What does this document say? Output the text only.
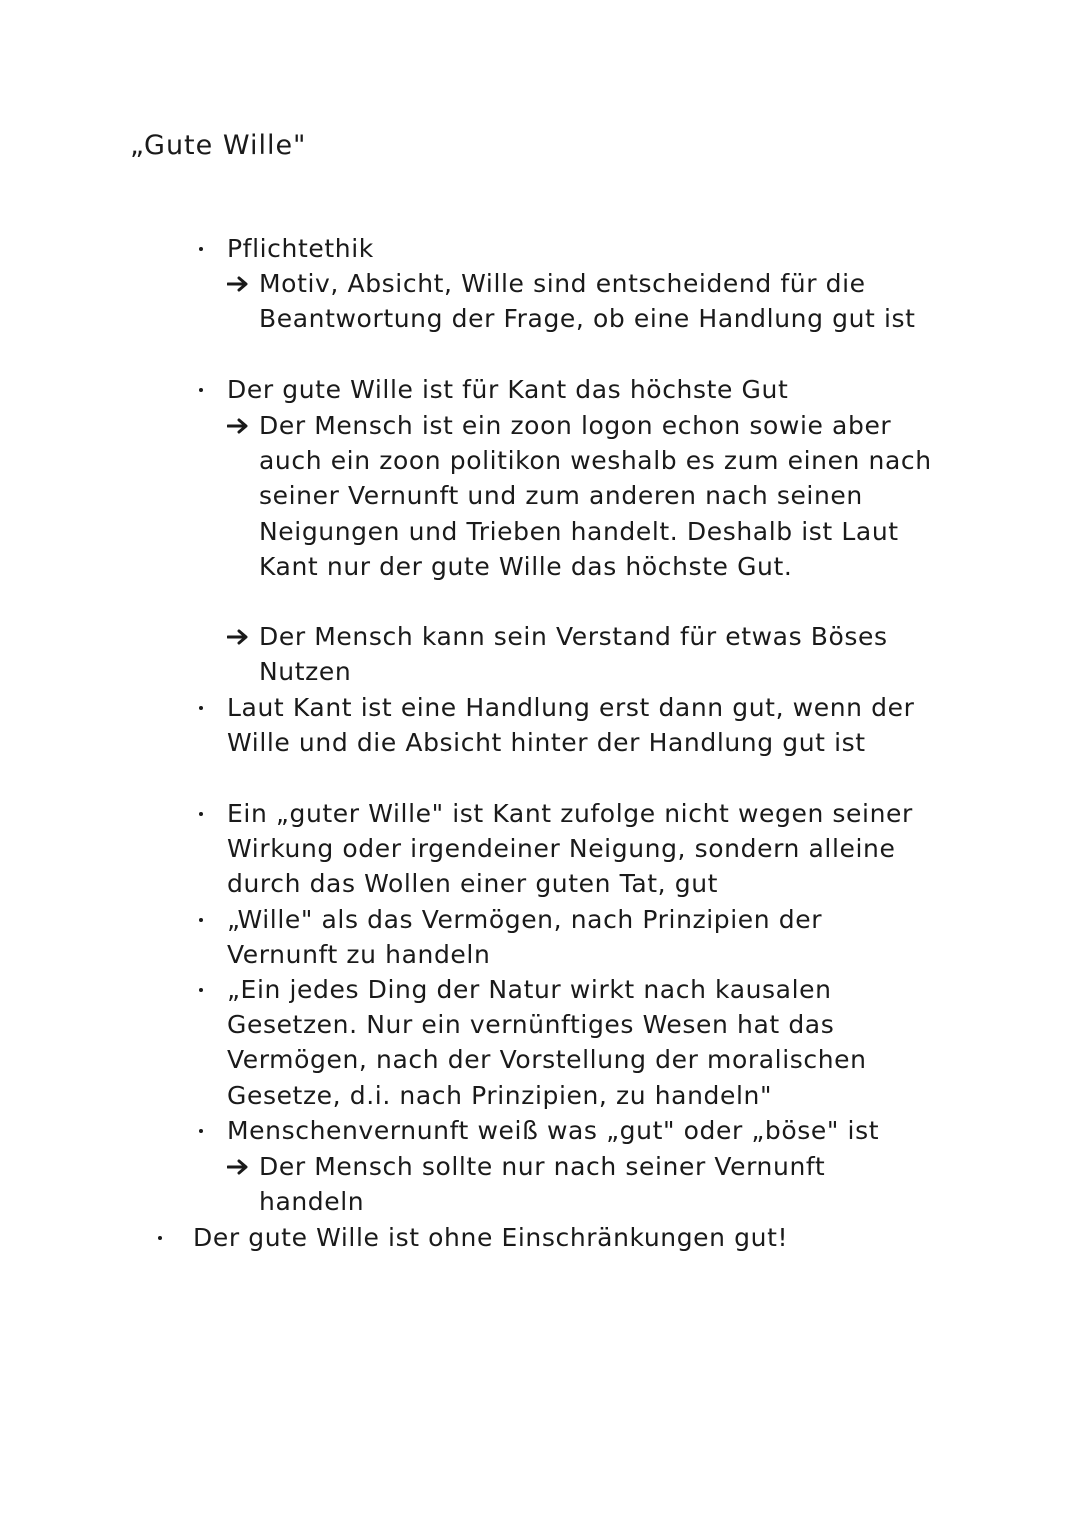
„Gute Wille"
Pflichtethik
Motiv, Absicht, Wille sind entscheidend für die Beantwortung der Frage, ob eine Handlung gut ist
Der gute Wille ist für Kant das höchste Gut
Der Mensch ist ein zoon logon echon sowie aber auch ein zoon politikon weshalb es zum einen nach seiner Vernunft und zum anderen nach seinen Neigungen und Trieben handelt. Deshalb ist Laut Kant nur der gute Wille das höchste Gut.
Der Mensch kann sein Verstand für etwas Böses Nutzen
Laut Kant ist eine Handlung erst dann gut, wenn der Wille und die Absicht hinter der Handlung gut ist
Ein „guter Wille" ist Kant zufolge nicht wegen seiner Wirkung oder irgendeiner Neigung, sondern alleine durch das Wollen einer guten Tat, gut
„Wille" als das Vermögen, nach Prinzipien der Vernunft zu handeln
„Ein jedes Ding der Natur wirkt nach kausalen Gesetzen. Nur ein vernünftiges Wesen hat das Vermögen, nach der Vorstellung der moralischen Gesetze, d.i. nach Prinzipien, zu handeln"
Menschenvernunft weiß was „gut" oder „böse" ist
Der Mensch sollte nur nach seiner Vernunft handeln
Der gute Wille ist ohne Einschränkungen gut!
